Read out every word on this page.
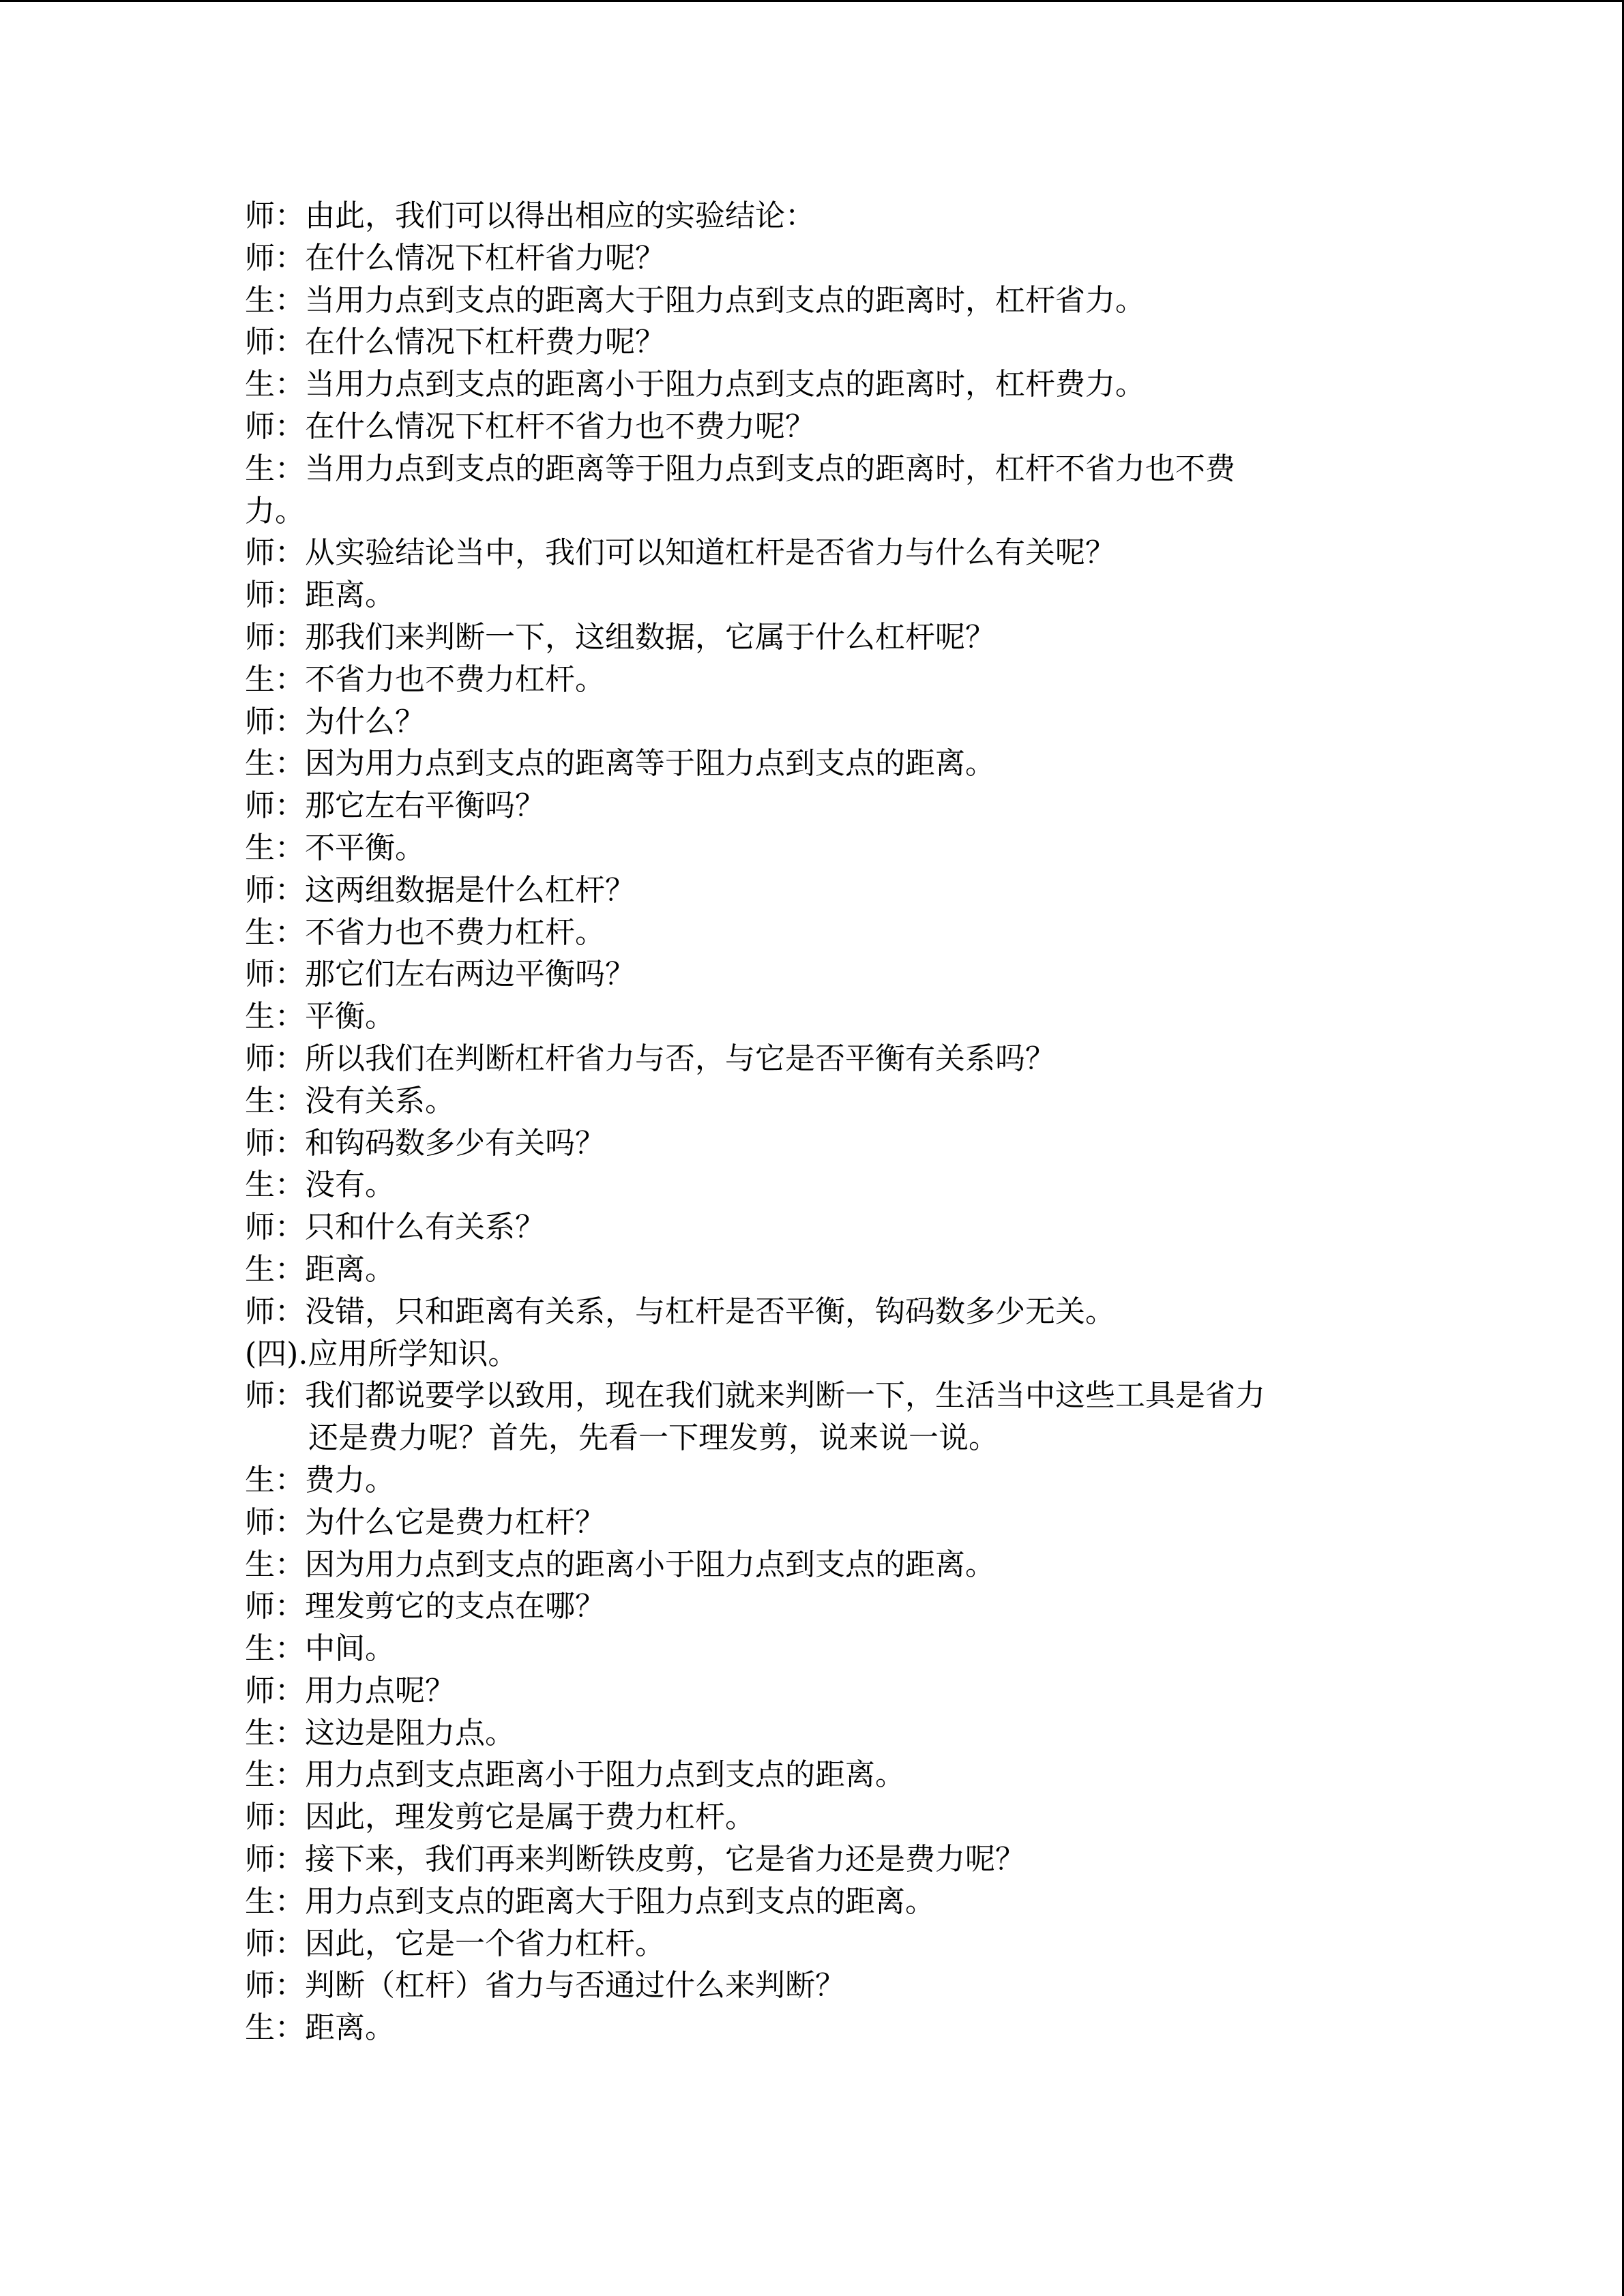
师：由此，我们可以得出相应的实验结论：
师：在什么情况下杠杆省力呢？
生：当用力点到支点的距离大于阻力点到支点的距离时，杠杆省力。
师：在什么情况下杠杆费力呢？
生：当用力点到支点的距离小于阻力点到支点的距离时，杠杆费力。
师：在什么情况下杠杆不省力也不费力呢？
生：当用力点到支点的距离等于阻力点到支点的距离时，杠杆不省力也不费
力。
师：从实验结论当中，我们可以知道杠杆是否省力与什么有关呢？
师：距离。
师：那我们来判断一下，这组数据，它属于什么杠杆呢？
生：不省力也不费力杠杆。
师：为什么？
生：因为用力点到支点的距离等于阻力点到支点的距离。
师：那它左右平衡吗？
生：不平衡。
师：这两组数据是什么杠杆？
生：不省力也不费力杠杆。
师：那它们左右两边平衡吗？
生：平衡。
师：所以我们在判断杠杆省力与否，与它是否平衡有关系吗？
生：没有关系。
师：和钩码数多少有关吗？
生：没有。
师：只和什么有关系？
生：距离。
师：没错，只和距离有关系，与杠杆是否平衡，钩码数多少无关。
(四).应用所学知识。
师：我们都说要学以致用，现在我们就来判断一下，生活当中这些工具是省力
还是费力呢？首先，先看一下理发剪，说来说一说。
生：费力。
师：为什么它是费力杠杆？
生：因为用力点到支点的距离小于阻力点到支点的距离。
师：理发剪它的支点在哪？
生：中间。
师：用力点呢？
生：这边是阻力点。
生：用力点到支点距离小于阻力点到支点的距离。
师：因此，理发剪它是属于费力杠杆。
师：接下来，我们再来判断铁皮剪，它是省力还是费力呢？
生：用力点到支点的距离大于阻力点到支点的距离。
师：因此，它是一个省力杠杆。
师：判断（杠杆）省力与否通过什么来判断？
生：距离。
